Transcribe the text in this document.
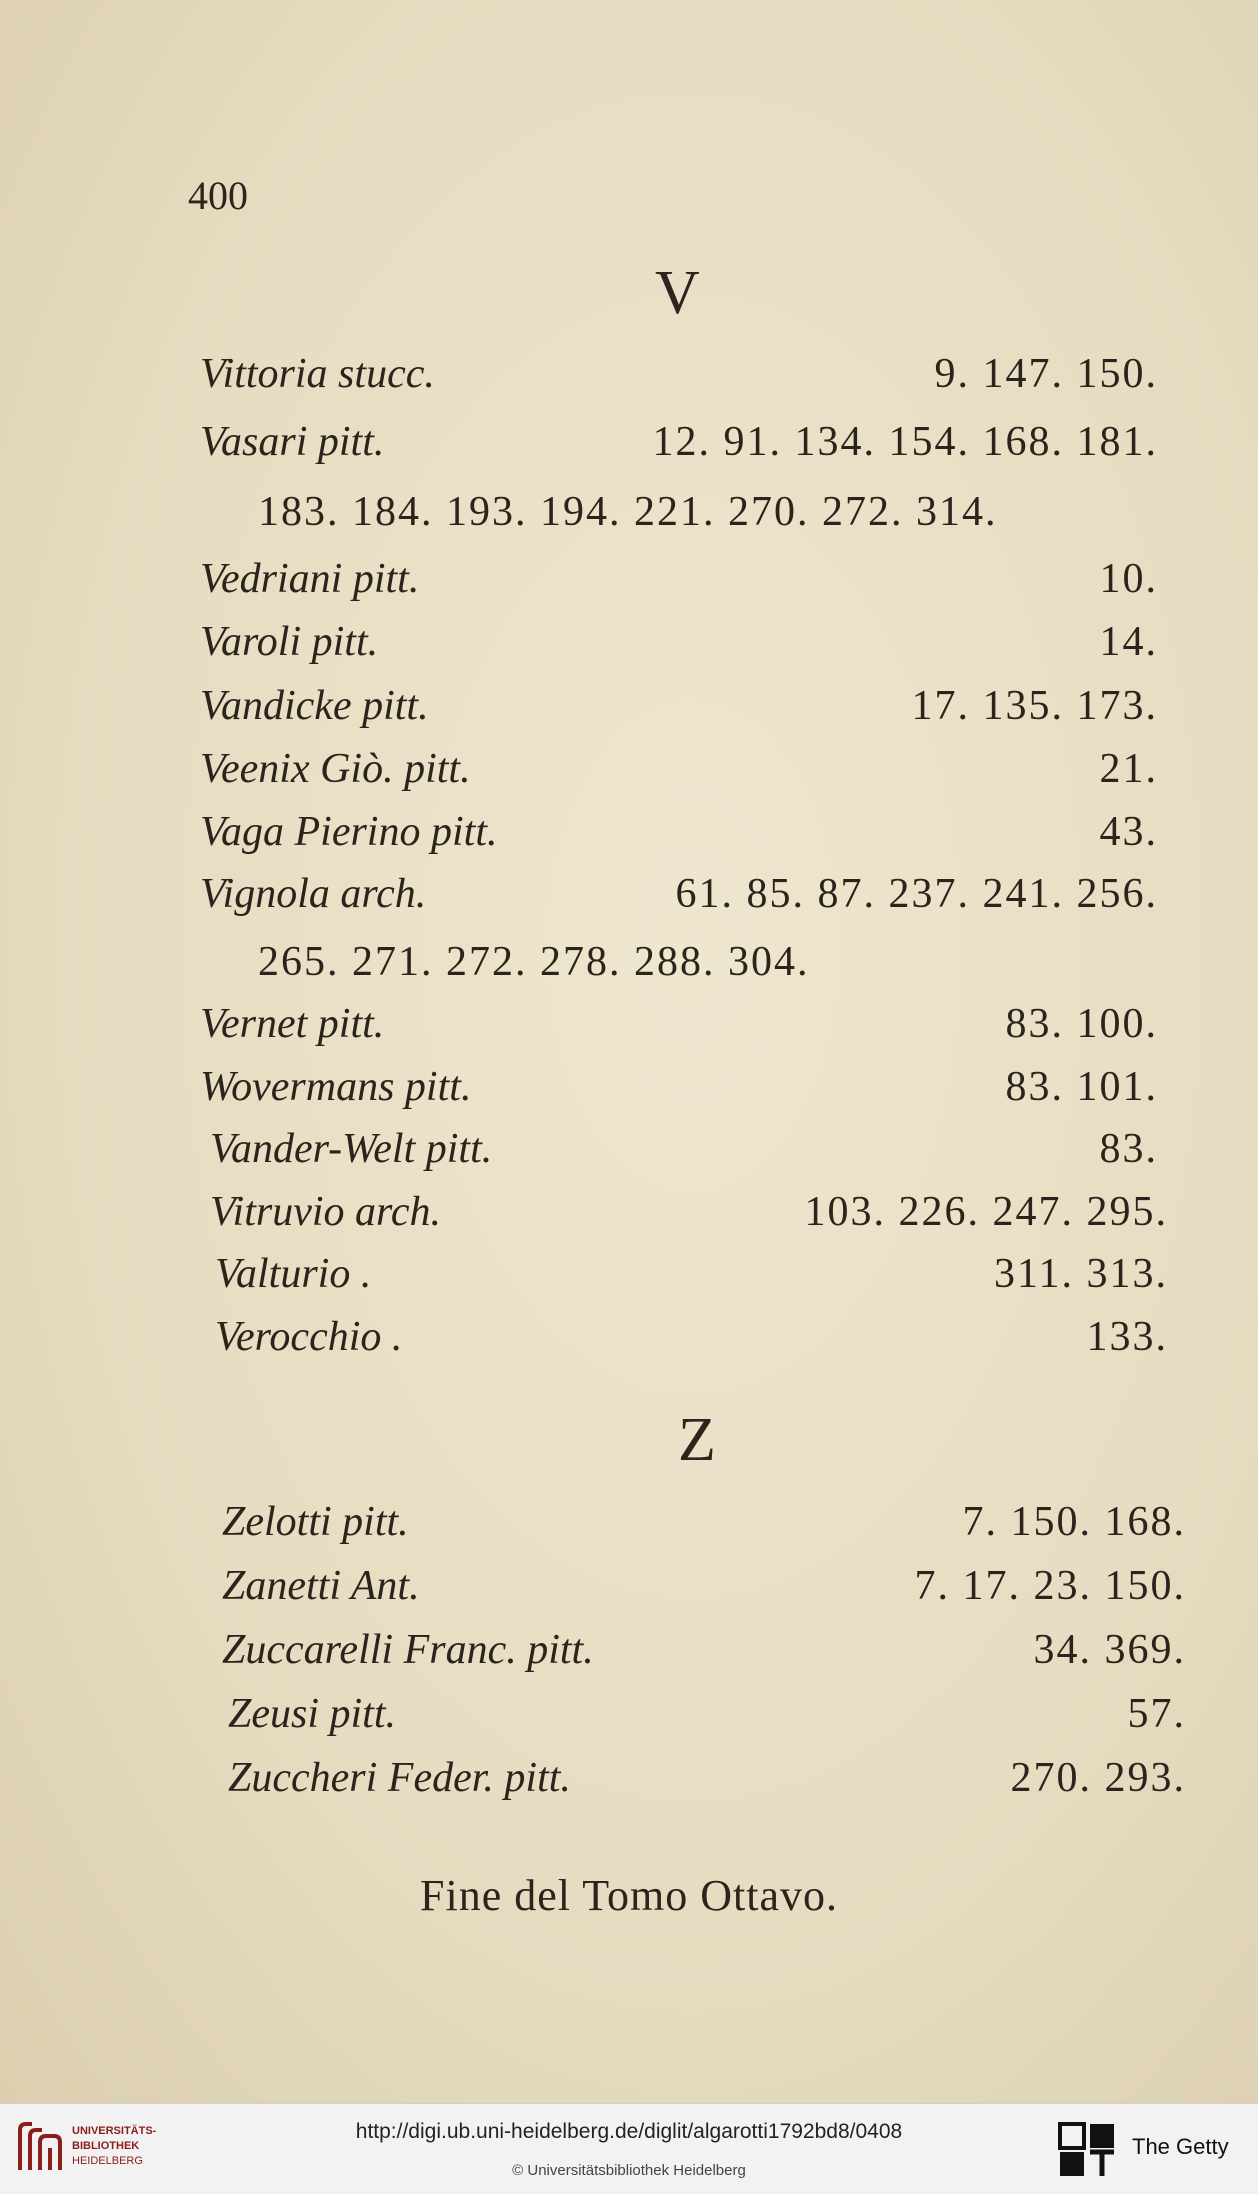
400
V
Vittoria stucc.	9. 147. 150.
Vasari pitt.	12. 91. 134. 154. 168. 181.
183. 184. 193. 194. 221. 270. 272. 314.
Vedriani pitt.	10.
Varoli pitt.	14.
Vandicke pitt.	17. 135. 173.
Veenix Giò. pitt.	21.
Vaga Pierino pitt.	43.
Vignola arch.	61. 85. 87. 237. 241. 256.
265. 271. 272. 278. 288. 304.
Vernet pitt.	83. 100.
Wovermans pitt.	83. 101.
Vander-Welt pitt.	83.
Vitruvio arch.	103. 226. 247. 295.
Valturio .	311. 313.
Verocchio .	133.
Z
Zelotti pitt.	7. 150. 168.
Zanetti Ant.	7. 17. 23. 150.
Zuccarelli Franc. pitt.	34. 369.
Zeusi pitt.	57.
Zuccheri Feder. pitt.	270. 293.
Fine del Tomo Ottavo.
UNIVERSITÄTS-
BIBLIOTHEK
HEIDELBERG
http://digi.ub.uni-heidelberg.de/diglit/algarotti1792bd8/0408
© Universitätsbibliothek Heidelberg
The Getty
